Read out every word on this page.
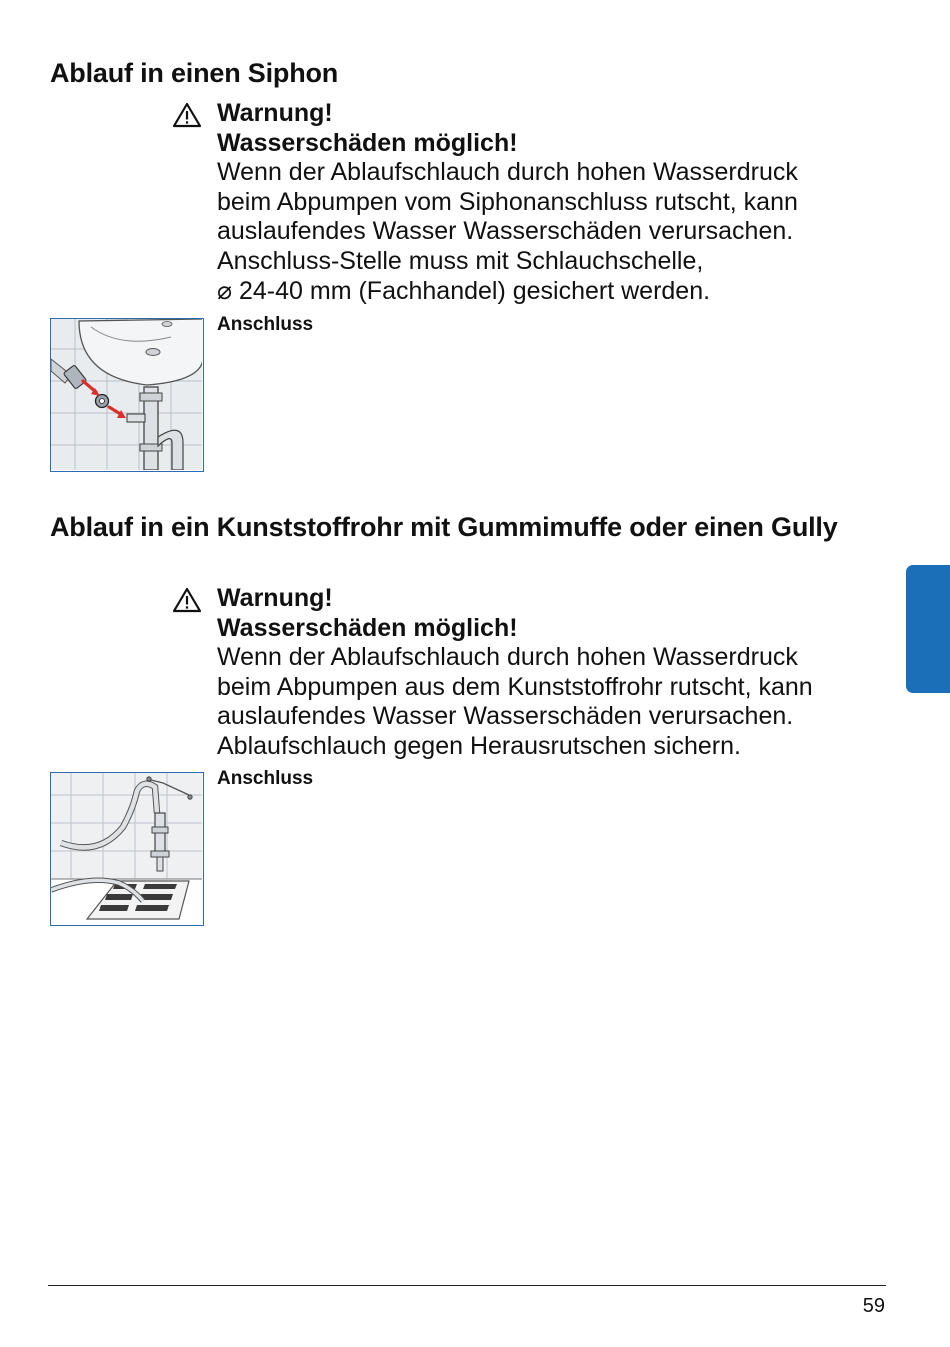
Ablauf in einen Siphon
Warnung!
Wasserschäden möglich!
Wenn der Ablaufschlauch durch hohen Wasserdruck
beim Abpumpen vom Siphonanschluss rutscht, kann
auslaufendes Wasser Wasserschäden verursachen.
Anschluss-Stelle muss mit Schlauchschelle,
⌀ 24-40 mm (Fachhandel) gesichert werden.
Anschluss
Ablauf in ein Kunststoffrohr mit Gummimuffe oder einen Gully
Warnung!
Wasserschäden möglich!
Wenn der Ablaufschlauch durch hohen Wasserdruck
beim Abpumpen aus dem Kunststoffrohr rutscht, kann
auslaufendes Wasser Wasserschäden verursachen.
Ablaufschlauch gegen Herausrutschen sichern.
Anschluss
59
